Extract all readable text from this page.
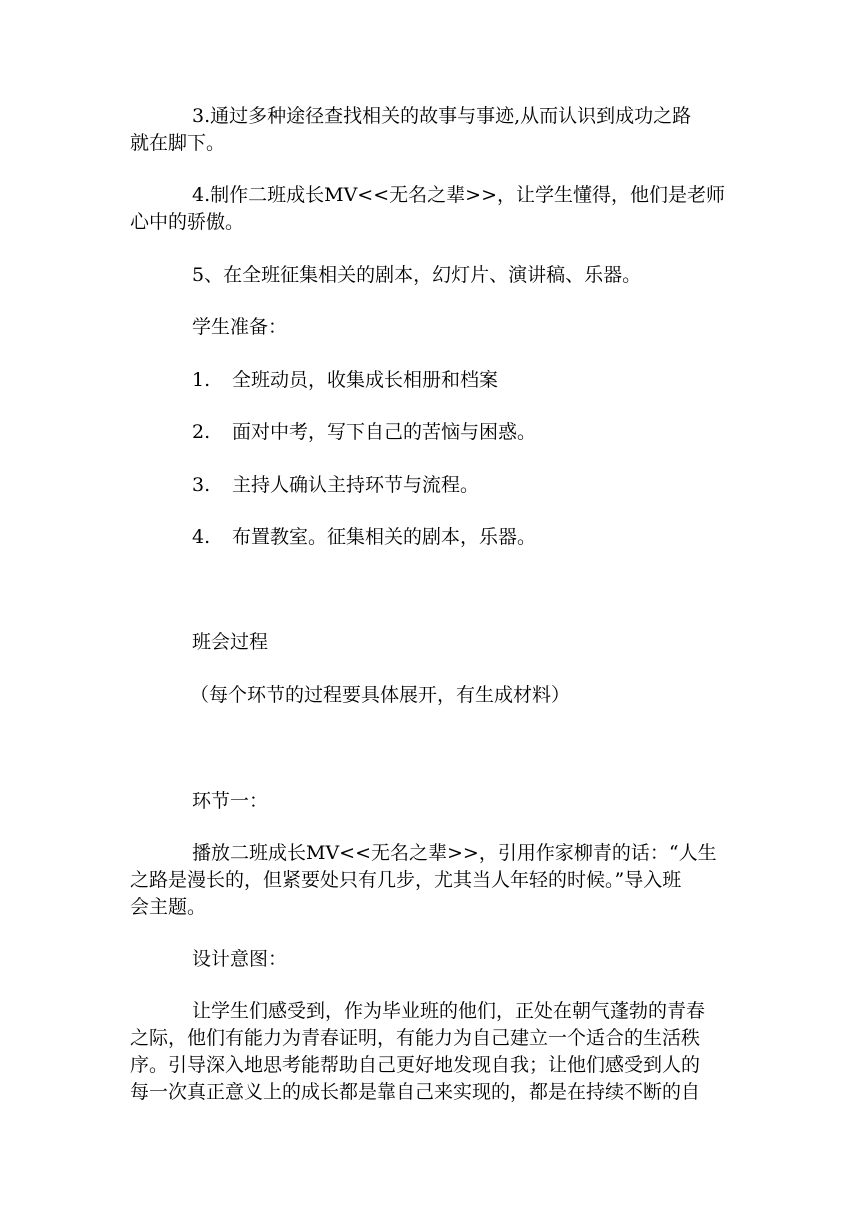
3.通过多种途径查找相关的故事与事迹,从而认识到成功之路
就在脚下。
4.制作二班成长MV<<无名之辈>>，让学生懂得，他们是老师
心中的骄傲。

5、在全班征集相关的剧本，幻灯片、演讲稿、乐器。

学生准备：

1. 全班动员，收集成长相册和档案

2. 面对中考，写下自己的苦恼与困惑。

3. 主持人确认主持环节与流程。

4. 布置教室。征集相关的剧本，乐器。

班会过程

（每个环节的过程要具体展开，有生成材料）

环节一：

播放二班成长MV<<无名之辈>>，引用作家柳青的话：“人生
之路是漫长的，但紧要处只有几步，尤其当人年轻的时候。”导入班
会主题。

设计意图：

让学生们感受到，作为毕业班的他们，正处在朝气蓬勃的青春
之际，他们有能力为青春证明，有能力为自己建立一个适合的生活秩
序。引导深入地思考能帮助自己更好地发现自我；让他们感受到人的
每一次真正意义上的成长都是靠自己来实现的，都是在持续不断的自
